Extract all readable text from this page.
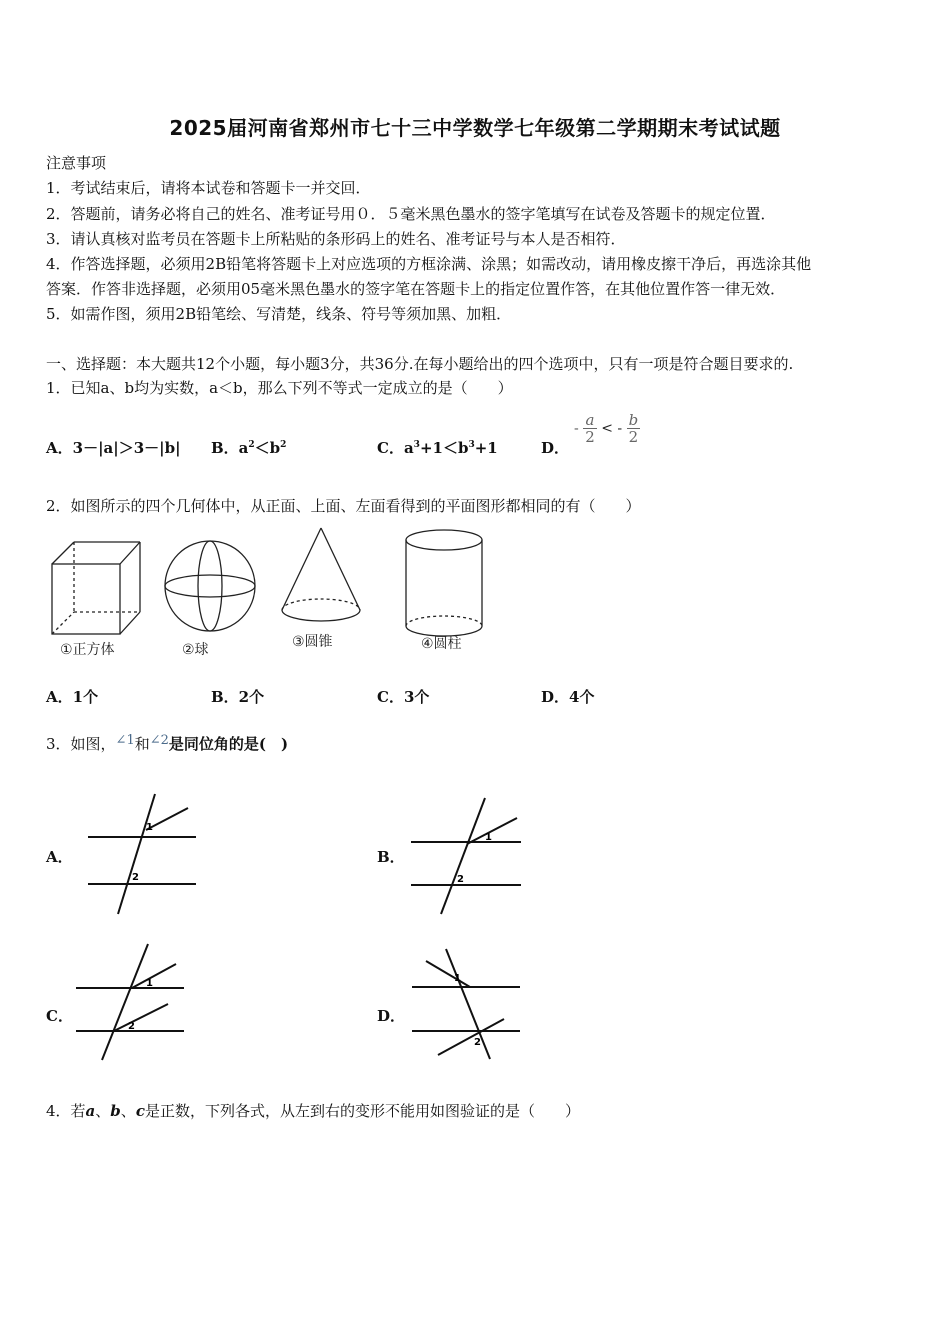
2025届河南省郑州市七十三中学数学七年级第二学期期末考试试题
注意事项
1．考试结束后，请将本试卷和答题卡一并交回．
2．答题前，请务必将自己的姓名、准考证号用０．５毫米黑色墨水的签字笔填写在试卷及答题卡的规定位置．
3．请认真核对监考员在答题卡上所粘贴的条形码上的姓名、准考证号与本人是否相符．
4．作答选择题，必须用2B铅笔将答题卡上对应选项的方框涂满、涂黑；如需改动，请用橡皮擦干净后，再选涂其他
答案．作答非选择题，必须用05毫米黑色墨水的签字笔在答题卡上的指定位置作答，在其他位置作答一律无效．
5．如需作图，须用2B铅笔绘、写清楚，线条、符号等须加黑、加粗．
一、选择题：本大题共12个小题，每小题3分，共36分.在每小题给出的四个选项中，只有一项是符合题目要求的.
1．已知a、b均为实数，a＜b，那么下列不等式一定成立的是（　　）
A．3－|a|＞3－|b| B．$a^2<b^2$	C．$a^3+1<b^3+1$	D．
- $\frac{a}{2}$ < - $\frac{b}{2}$
2．如图所示的四个几何体中，从正面、上面、左面看得到的平面图形都相同的有（　　）
①正方体	②球	③圆锥	④圆柱
A．1个	B．2个	C．3个	D．4个
3．如图，∠1和∠2是同位角的是(　)
A．
1
2
B．
1
2
C．
1
2
D．
1
2
4．若a、b、c是正数，下列各式，从左到右的变形不能用如图验证的是（　　）
